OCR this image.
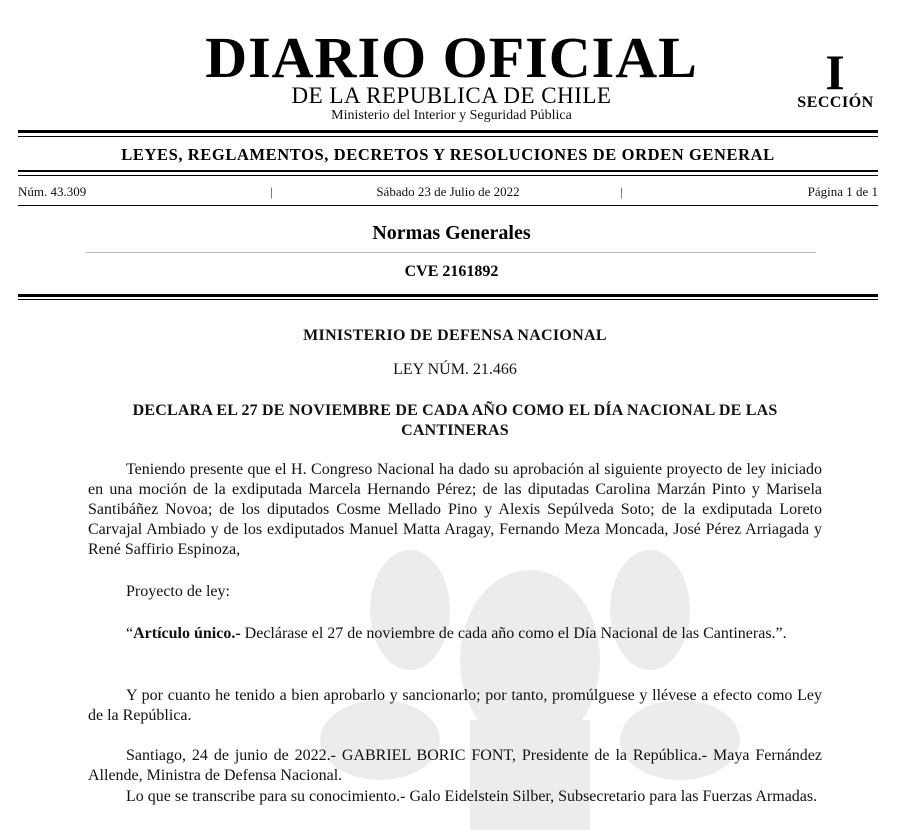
DIARIO OFICIAL
DE LA REPUBLICA DE CHILE
Ministerio del Interior y Seguridad Pública
I
SECCIÓN
LEYES, REGLAMENTOS, DECRETOS Y RESOLUCIONES DE ORDEN GENERAL
Núm. 43.309	|	Sábado 23 de Julio de 2022	|	Página 1 de 1
Normas Generales
CVE 2161892
MINISTERIO DE DEFENSA NACIONAL
LEY NÚM. 21.466
DECLARA EL 27 DE NOVIEMBRE DE CADA AÑO COMO EL DÍA NACIONAL DE LAS CANTINERAS
Teniendo presente que el H. Congreso Nacional ha dado su aprobación al siguiente proyecto de ley iniciado en una moción de la exdiputada Marcela Hernando Pérez; de las diputadas Carolina Marzán Pinto y Marisela Santibáñez Novoa; de los diputados Cosme Mellado Pino y Alexis Sepúlveda Soto; de la exdiputada Loreto Carvajal Ambiado y de los exdiputados Manuel Matta Aragay, Fernando Meza Moncada, José Pérez Arriagada y René Saffirio Espinoza,
Proyecto de ley:
“Artículo único.- Declárase el 27 de noviembre de cada año como el Día Nacional de las Cantineras.”.
Y por cuanto he tenido a bien aprobarlo y sancionarlo; por tanto, promúlguese y llévese a efecto como Ley de la República.
Santiago, 24 de junio de 2022.- GABRIEL BORIC FONT, Presidente de la República.- Maya Fernández Allende, Ministra de Defensa Nacional.
Lo que se transcribe para su conocimiento.- Galo Eidelstein Silber, Subsecretario para las Fuerzas Armadas.
